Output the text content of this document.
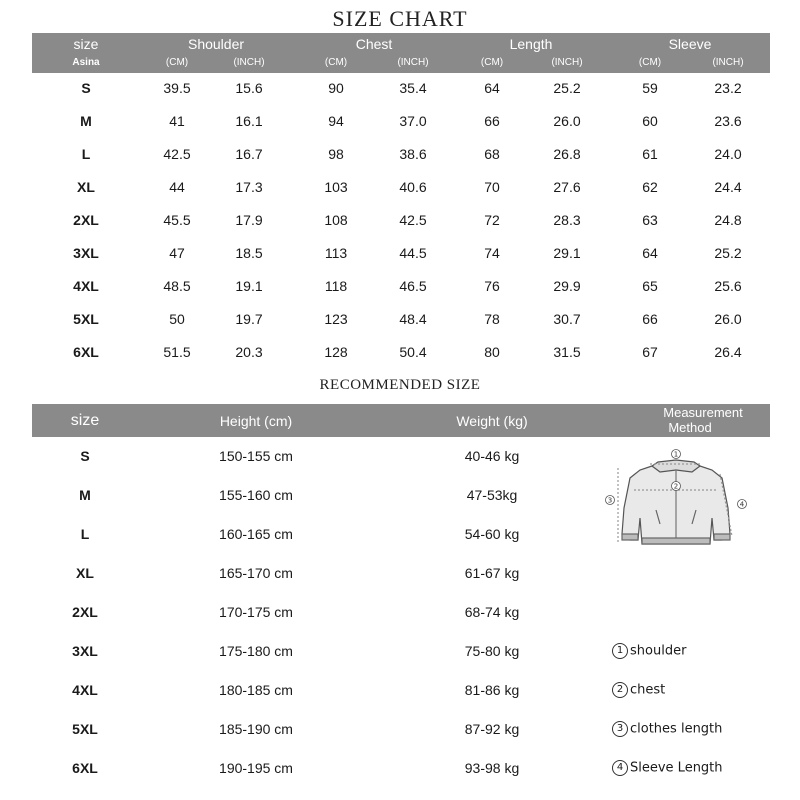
SIZE CHART
size
Asina
Shoulder	Chest	Length	Sleeve
(CM)	(INCH)	(CM)	(INCH)	(CM)	(INCH)	(CM)	(INCH)
S	39.5	15.6	90	35.4	64	25.2	59	23.2
M	41	16.1	94	37.0	66	26.0	60	23.6
L	42.5	16.7	98	38.6	68	26.8	61	24.0
XL	44	17.3	103	40.6	70	27.6	62	24.4
2XL	45.5	17.9	108	42.5	72	28.3	63	24.8
3XL	47	18.5	113	44.5	74	29.1	64	25.2
4XL	48.5	19.1	118	46.5	76	29.9	65	25.6
5XL	50	19.7	123	48.4	78	30.7	66	26.0
6XL	51.5	20.3	128	50.4	80	31.5	67	26.4
RECOMMENDED SIZE
size	Height (cm)	Weight (kg)
Measurement
Method
S	150-155 cm	40-46 kg
M	155-160 cm	47-53kg
L	160-165 cm	54-60 kg
XL	165-170 cm	61-67 kg
2XL	170-175 cm	68-74 kg
3XL	175-180 cm	75-80 kg
4XL	180-185 cm	81-86 kg
5XL	185-190 cm	87-92 kg
6XL	190-195 cm	93-98 kg
1
2
3	4
1 shoulder
2 chest
3 clothes length
4 Sleeve Length
